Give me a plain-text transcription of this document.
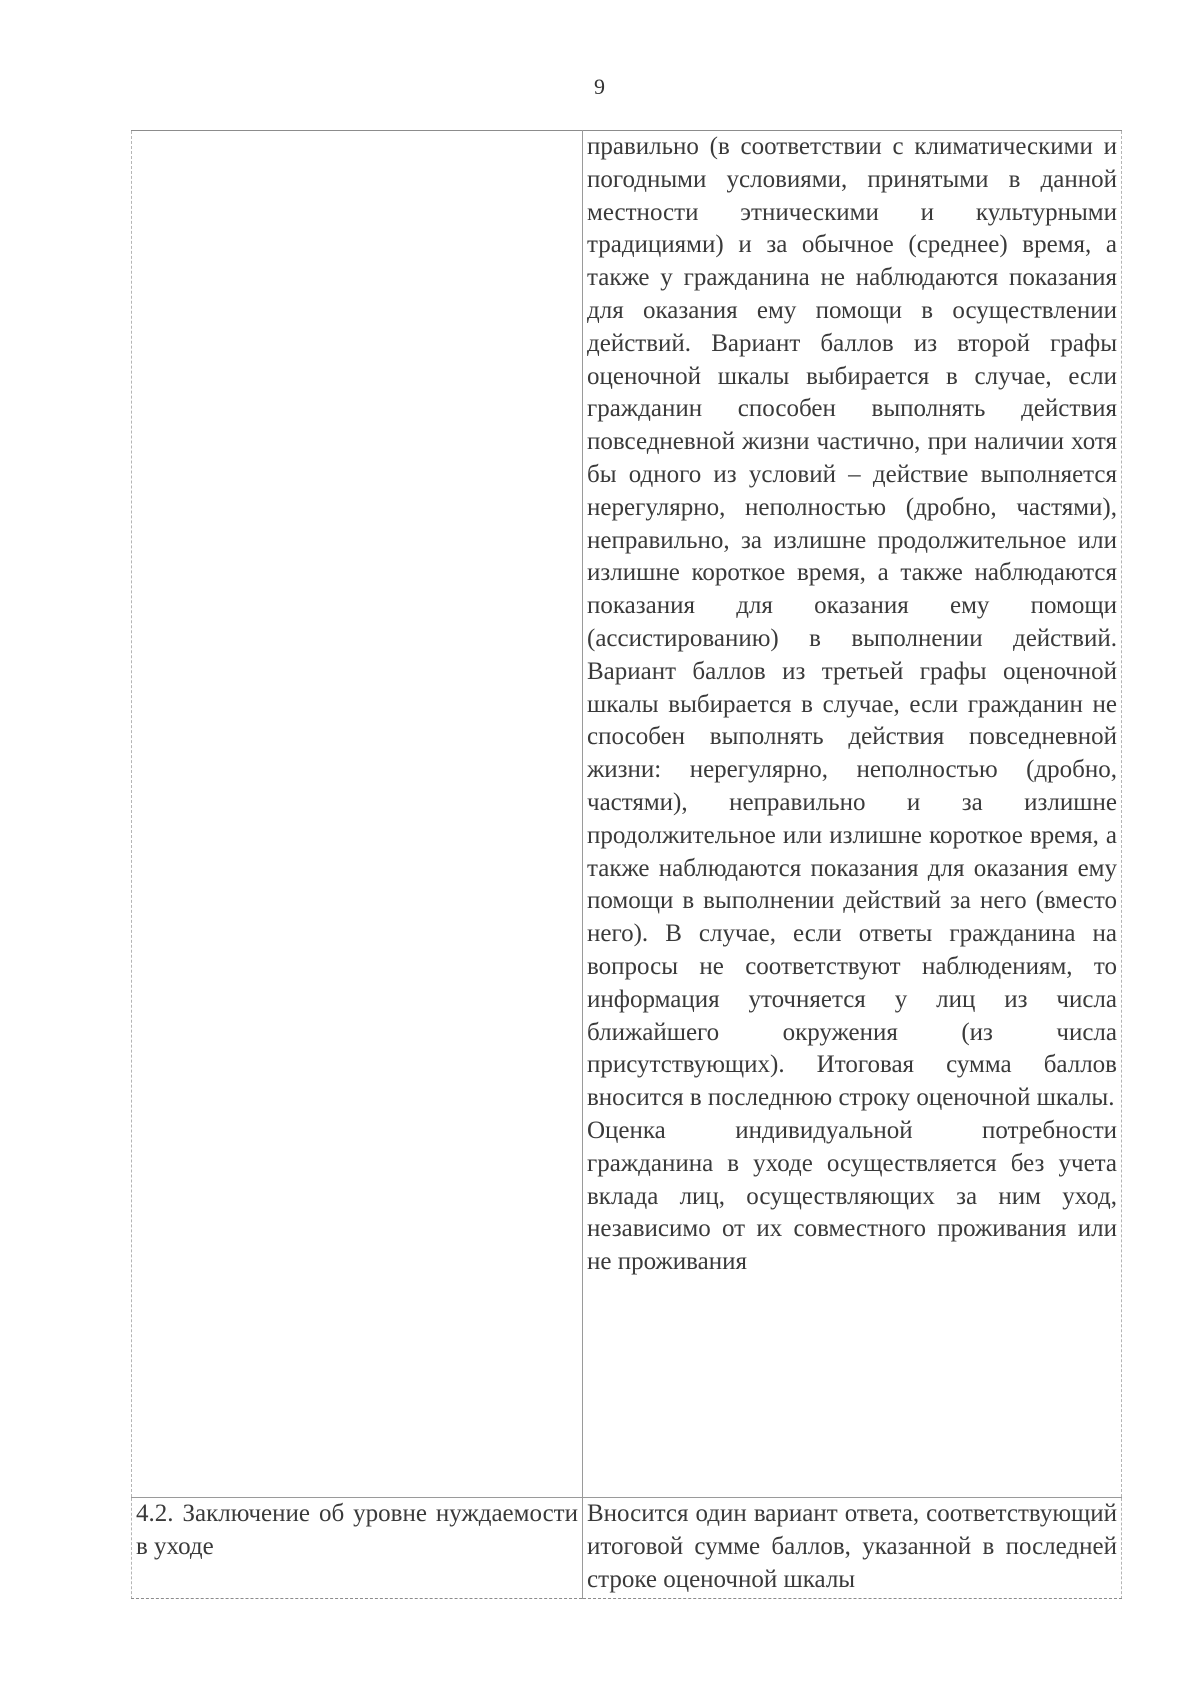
9

	правильно (в соответствии с климатическими и погодными условиями, принятыми в данной местности этническими и культурными традициями) и за обычное (среднее) время, а также у гражданина не наблюдаются показания для оказания ему помощи в осуществлении действий. Вариант баллов из второй графы оценочной шкалы выбирается в случае, если гражданин способен выполнять действия повседневной жизни частично, при наличии хотя бы одного из условий – действие выполняется нерегулярно, неполностью (дробно, частями), неправильно, за излишне продолжительное или излишне короткое время, а также наблюдаются показания для оказания ему помощи (ассистированию) в выполнении действий. Вариант баллов из третьей графы оценочной шкалы выбирается в случае, если гражданин не способен выполнять действия повседневной жизни: нерегулярно, неполностью (дробно, частями), неправильно и за излишне продолжительное или излишне короткое время, а также наблюдаются показания для оказания ему помощи в выполнении действий за него (вместо него). В случае, если ответы гражданина на вопросы не соответствуют наблюдениям, то информация уточняется у лиц из числа ближайшего окружения (из числа присутствующих). Итоговая сумма баллов вносится в последнюю строку оценочной шкалы.

Оценка индивидуальной потребности гражданина в уходе осуществляется без учета вклада лиц, осуществляющих за ним уход, независимо от их совместного проживания или не проживания

4.2. Заключение об уровне нуждаемости в уходе	Вносится один вариант ответа, соответствующий итоговой сумме баллов, указанной в последней строке оценочной шкалы
